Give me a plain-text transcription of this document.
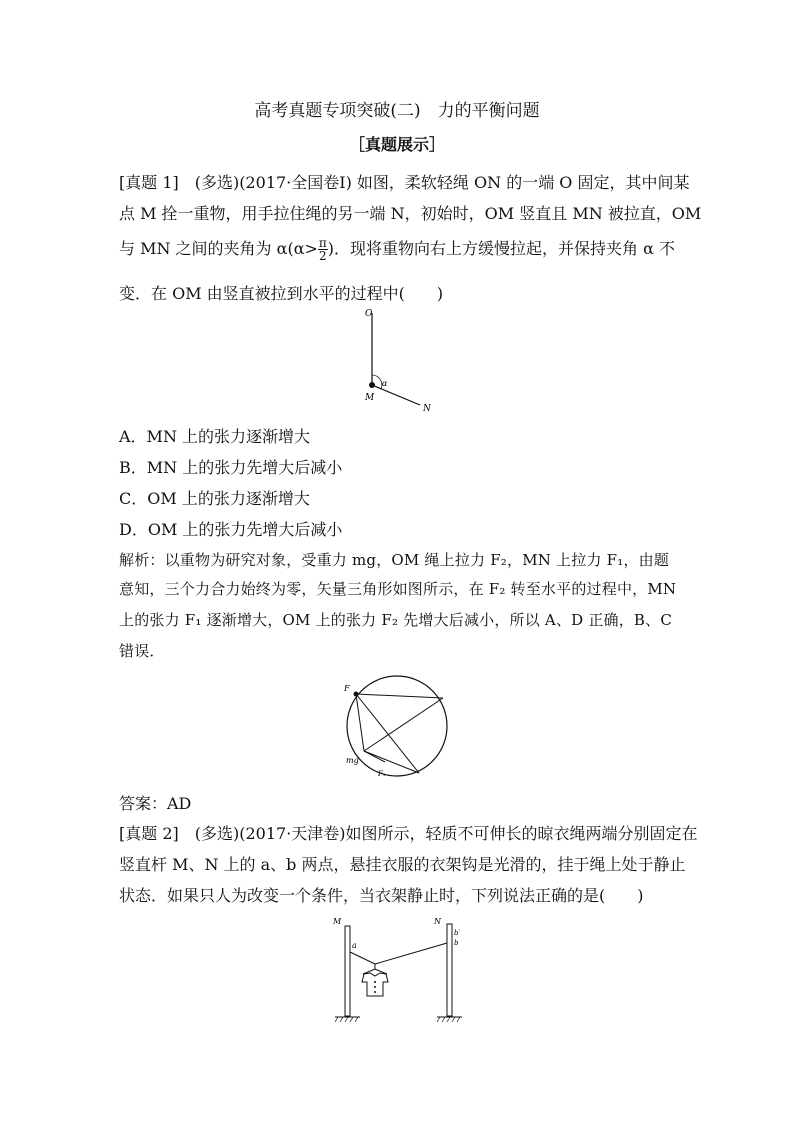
高考真题专项突破(二)　力的平衡问题
［真题展示］
[真题 1]　(多选)(2017·全国卷Ⅰ) 如图，柔软轻绳 ON 的一端 O 固定，其中间某
点 M 拴一重物，用手拉住绳的另一端 N，初始时，OM 竖直且 MN 被拉直，OM
与 MN 之间的夹角为 $\alpha(\alpha> \frac{\pi}{2}$ )．现将重物向右上方缓慢拉起，并保持夹角 α 不
变．在 OM 由竖直被拉到水平的过程中(　　)
O
M
N
α
A．MN 上的张力逐渐增大
B．MN 上的张力先增大后减小
C．OM 上的张力逐渐增大
D．OM 上的张力先增大后减小
解析：以重物为研究对象，受重力 mg，OM 绳上拉力 F₂，MN 上拉力 F₁，由题
意知，三个力合力始终为零，矢量三角形如图所示，在 F₂ 转至水平的过程中，MN
上的张力 F₁ 逐渐增大，OM 上的张力 F₂ 先增大后减小，所以 A、D 正确，B、C
错误．
F
mg
F₁
答案：AD
[真题 2]　(多选)(2017·天津卷)如图所示，轻质不可伸长的晾衣绳两端分别固定在
竖直杆 M、N 上的 a、b 两点，悬挂衣服的衣架钩是光滑的，挂于绳上处于静止
状态．如果只人为改变一个条件，当衣架静止时，下列说法正确的是(　　)
M	N
a
b′
b
